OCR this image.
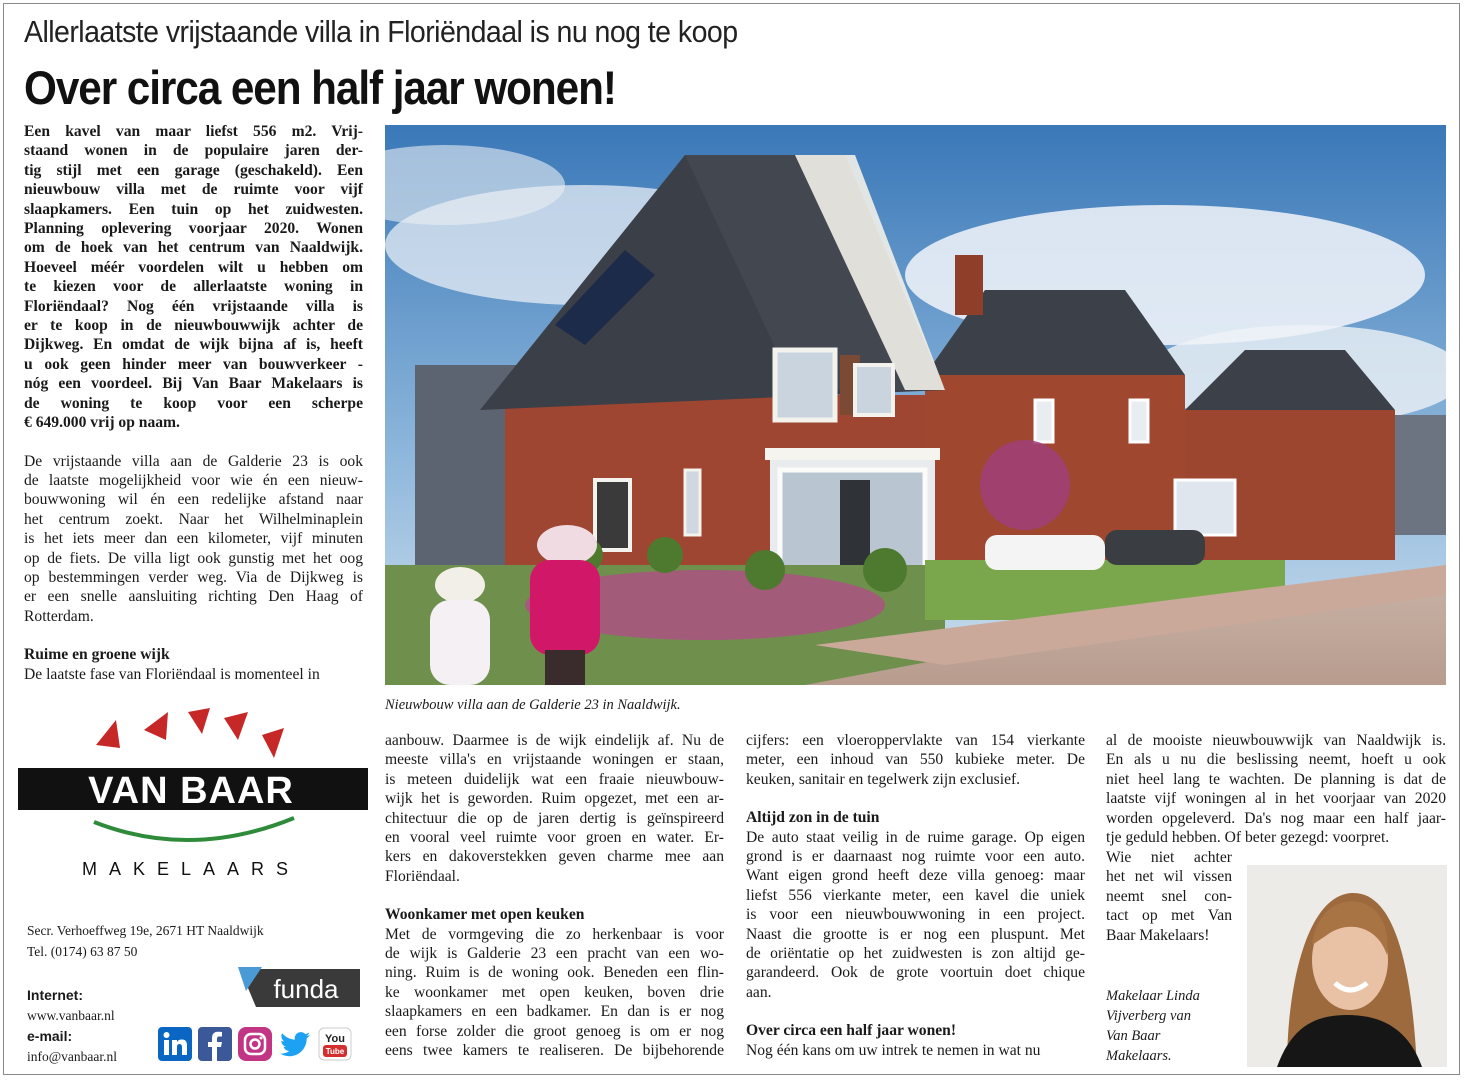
Allerlaatste vrijstaande villa in Floriëndaal is nu nog te koop
Over circa een half jaar wonen!
Een kavel van maar liefst 556 m2. Vrij-
staand wonen in de populaire jaren der-
tig stijl met een garage (geschakeld). Een
nieuwbouw villa met de ruimte voor vijf
slaapkamers. Een tuin op het zuidwesten.
Planning oplevering voorjaar 2020. Wonen
om de hoek van het centrum van Naaldwijk.
Hoeveel méér voordelen wilt u hebben om
te kiezen voor de allerlaatste woning in
Floriëndaal? Nog één vrijstaande villa is
er te koop in de nieuwbouwwijk achter de
Dijkweg. En omdat de wijk bijna af is, heeft
u ook geen hinder meer van bouwverkeer -
nóg een voordeel. Bij Van Baar Makelaars is
de woning te koop voor een scherpe
€ 649.000 vrij op naam.
De vrijstaande villa aan de Galderie 23 is ook
de laatste mogelijkheid voor wie én een nieuw-
bouwwoning wil én een redelijke afstand naar
het centrum zoekt. Naar het Wilhelminaplein
is het iets meer dan een kilometer, vijf minuten
op de fiets. De villa ligt ook gunstig met het oog
op bestemmingen verder weg. Via de Dijkweg is
er een snelle aansluiting richting Den Haag of
Rotterdam.

Ruime en groene wijk

De laatste fase van Floriëndaal is momenteel in

Nieuwbouw villa aan de Galderie 23 in Naaldwijk.
aanbouw. Daarmee is de wijk eindelijk af. Nu de
meeste villa's en vrijstaande woningen er staan,
is meteen duidelijk wat een fraaie nieuwbouw-
wijk het is geworden. Ruim opgezet, met een ar-
chitectuur die op de jaren dertig is geïnspireerd
en vooral veel ruimte voor groen en water. Er-
kers en dakoverstekken geven charme mee aan
Floriëndaal.

Woonkamer met open keuken

Met de vormgeving die zo herkenbaar is voor
de wijk is Galderie 23 een pracht van een wo-
ning. Ruim is de woning ook. Beneden een flin-
ke woonkamer met open keuken, boven drie
slaapkamers en een badkamer. En dan is er nog
een forse zolder die groot genoeg is om er nog
eens twee kamers te realiseren. De bijbehorende
cijfers: een vloeroppervlakte van 154 vierkante
meter, een inhoud van 550 kubieke meter. De
keuken, sanitair en tegelwerk zijn exclusief.

Altijd zon in de tuin

De auto staat veilig in de ruime garage. Op eigen
grond is er daarnaast nog ruimte voor een auto.
Want eigen grond heeft deze villa genoeg: maar
liefst 556 vierkante meter, een kavel die uniek
is voor een nieuwbouwwoning in een project.
Naast die grootte is er nog een pluspunt. Met
de oriëntatie op het zuidwesten is zon altijd ge-
garandeerd. Ook de grote voortuin doet chique
aan.

Over circa een half jaar wonen!

Nog één kans om uw intrek te nemen in wat nu

al de mooiste nieuwbouwwijk van Naaldwijk is.
En als u nu die beslissing neemt, hoeft u ook
niet heel lang te wachten. De planning is dat de
laatste vijf woningen al in het voorjaar van 2020
worden opgeleverd. Da's nog maar een half jaar-
tje geduld hebben. Of beter gezegd: voorpret.
Wie niet achter
het net wil vissen
neemt snel con-
tact op met Van
Baar Makelaars!
Makelaar Linda
Vijverberg van
Van Baar
Makelaars.
VAN BAAR
MAKELAARS
Secr. Verhoeffweg 19e, 2671 HT Naaldwijk
Tel. (0174) 63 87 50
Internet:
www.vanbaar.nl
e-mail:
info@vanbaar.nl
funda
You
Tube
